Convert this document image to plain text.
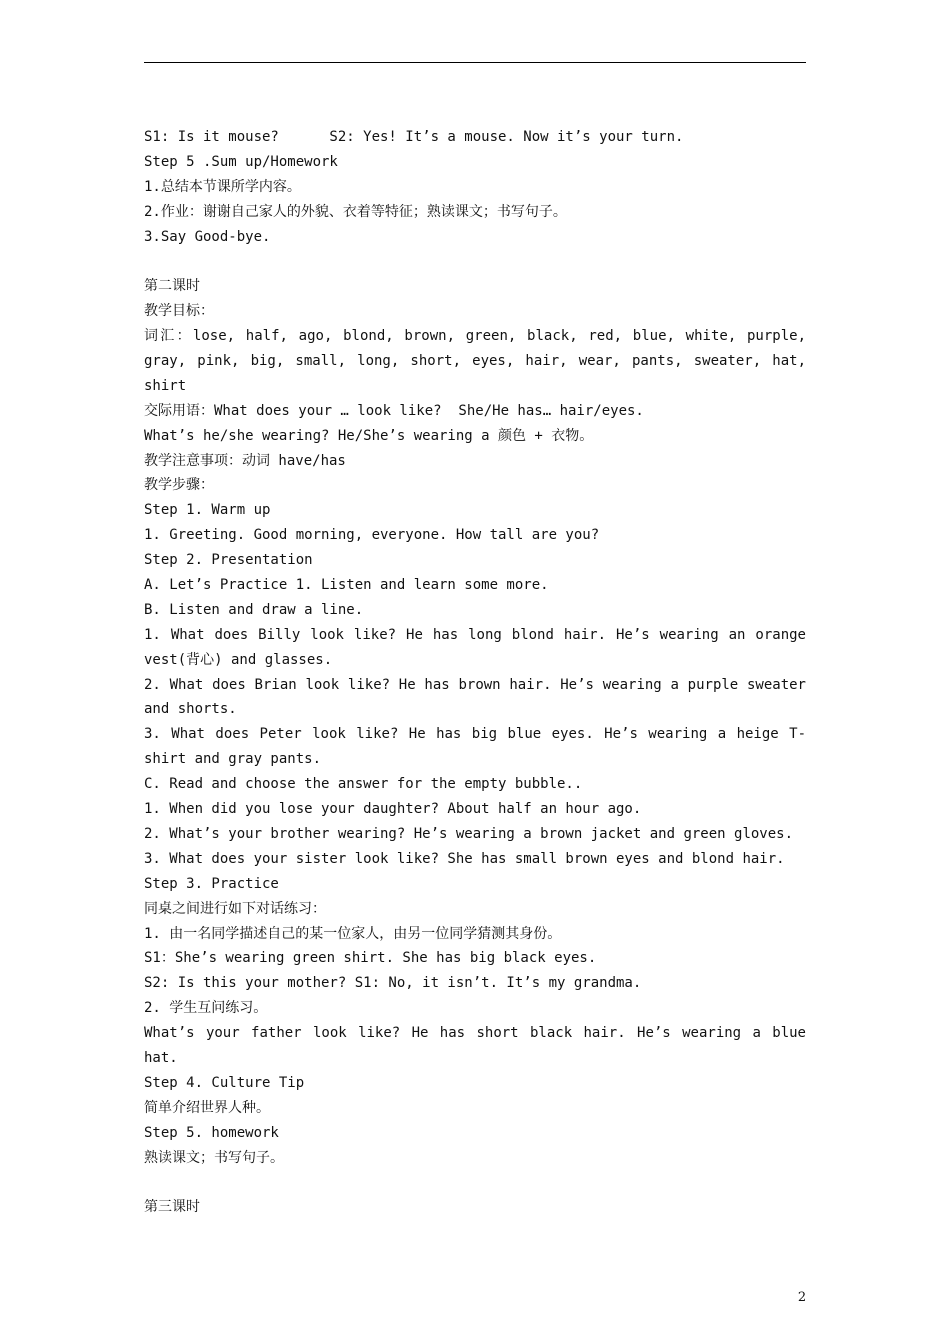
S1: Is it mouse?      S2: Yes! It’s a mouse. Now it’s your turn.
Step 5 .Sum up/Homework
1.总结本节课所学内容。
2.作业：谢谢自己家人的外貌、衣着等特征；熟读课文；书写句子。
3.Say Good-bye.
第二课时
教学目标：
词汇：lose, half, ago, blond, brown, green, black, red, blue, white, purple,
gray, pink, big, small, long, short, eyes, hair, wear, pants, sweater, hat,
shirt
交际用语：What does your … look like?  She/He has… hair/eyes.
What’s he/she wearing? He/She’s wearing a 颜色 + 衣物。
教学注意事项：动词 have/has
教学步骤：
Step 1. Warm up
1. Greeting. Good morning, everyone. How tall are you?
Step 2. Presentation
A. Let’s Practice 1. Listen and learn some more.
B. Listen and draw a line.
1. What does Billy look like? He has long blond hair. He’s wearing an orange
vest(背心) and glasses.
2. What does Brian look like? He has brown hair. He’s wearing a purple sweater
and shorts.
3. What does Peter look like? He has big blue eyes. He’s wearing a heige T-
shirt and gray pants.
C. Read and choose the answer for the empty bubble..
1. When did you lose your daughter? About half an hour ago.
2. What’s your brother wearing? He’s wearing a brown jacket and green gloves.
3. What does your sister look like? She has small brown eyes and blond hair.
Step 3. Practice
同桌之间进行如下对话练习：
1. 由一名同学描述自己的某一位家人，由另一位同学猜测其身份。
S1：She’s wearing green shirt. She has big black eyes.
S2: Is this your mother? S1: No, it isn’t. It’s my grandma.
2. 学生互问练习。
What’s your father look like? He has short black hair. He’s wearing a blue
hat.
Step 4. Culture Tip
简单介绍世界人种。
Step 5. homework
熟读课文；书写句子。
第三课时
2
